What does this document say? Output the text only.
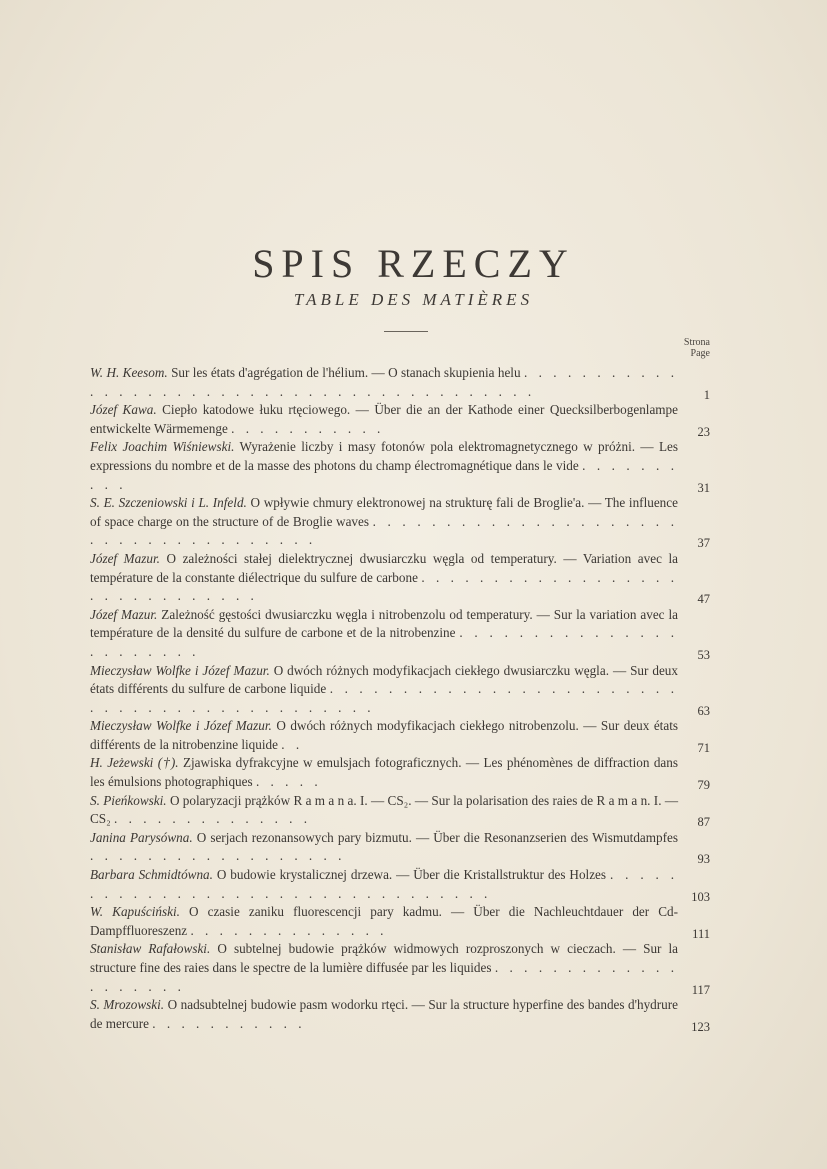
SPIS RZECZY
TABLE DES MATIÈRES
Strona
Page
W. H. Keesom. Sur les états d'agrégation de l'hélium. — O stanach skupienia helu . . . . . . . . . . . . . . . . . . . . . . . . . . . . . . . . . . . . . . . . . .	1
Józef Kawa. Ciepło katodowe łuku rtęciowego. — Über die an der Kathode einer Quecksilberbogenlampe entwickelte Wärmemenge . . . . . . . . . . .	23
Felix Joachim Wiśniewski. Wyrażenie liczby i masy fotonów pola elektromagnetycznego w próżni. — Les expressions du nombre et de la masse des photons du champ électromagnétique dans le vide . . . . . . . . . .	31
S. E. Szczeniowski i L. Infeld. O wpływie chmury elektronowej na strukturę fali de Broglie'a. — The influence of space charge on the structure of de Broglie waves . . . . . . . . . . . . . . . . . . . . . . . . . . . . . . . . . . . . .	37
Józef Mazur. O zależności stałej dielektrycznej dwusiarczku węgla od temperatury. — Variation avec la température de la constante diélectrique du sulfure de carbone . . . . . . . . . . . . . . . . . . . . . . . . . . . . . .	47
Józef Mazur. Zależność gęstości dwusiarczku węgla i nitrobenzolu od temperatury. — Sur la variation avec la température de la densité du sulfure de carbone et de la nitrobenzine . . . . . . . . . . . . . . . . . . . . . . .	53
Mieczysław Wolfke i Józef Mazur. O dwóch różnych modyfikacjach ciekłego dwusiarczku węgla. — Sur deux états différents du sulfure de carbone liquide . . . . . . . . . . . . . . . . . . . . . . . . . . . . . . . . . . . . . . . . . . . .	63
Mieczysław Wolfke i Józef Mazur. O dwóch różnych modyfikacjach ciekłego nitrobenzolu. — Sur deux états différents de la nitrobenzine liquide . .	71
H. Jeżewski (†). Zjawiska dyfrakcyjne w emulsjach fotograficznych. — Les phénomènes de diffraction dans les émulsions photographiques . . . . .	79
S. Pieńkowski. O polaryzacji prążków R a m a n a. I. — CS₂. — Sur la polarisation des raies de R a m a n. I. — CS₂ . . . . . . . . . . . . . .	87
Janina Parysówna. O serjach rezonansowych pary bizmutu. — Über die Resonanzserien des Wismutdampfes . . . . . . . . . . . . . . . . . .	93
Barbara Schmidtówna. O budowie krystalicznej drzewa. — Über die Kristallstruktur des Holzes . . . . . . . . . . . . . . . . . . . . . . . . . . . . . . . . .	103
W. Kapuściński. O czasie zaniku fluorescencji pary kadmu. — Über die Nachleuchtdauer der Cd-Dampffluoreszenz . . . . . . . . . . . . . .	111
Stanisław Rafałowski. O subtelnej budowie prążków widmowych rozproszonych w cieczach. — Sur la structure fine des raies dans le spectre de la lumière diffusée par les liquides . . . . . . . . . . . . . . . . . . . .	117
S. Mrozowski. O nadsubtelnej budowie pasm wodorku rtęci. — Sur la structure hyperfine des bandes d'hydrure de mercure . . . . . . . . . . .	123
